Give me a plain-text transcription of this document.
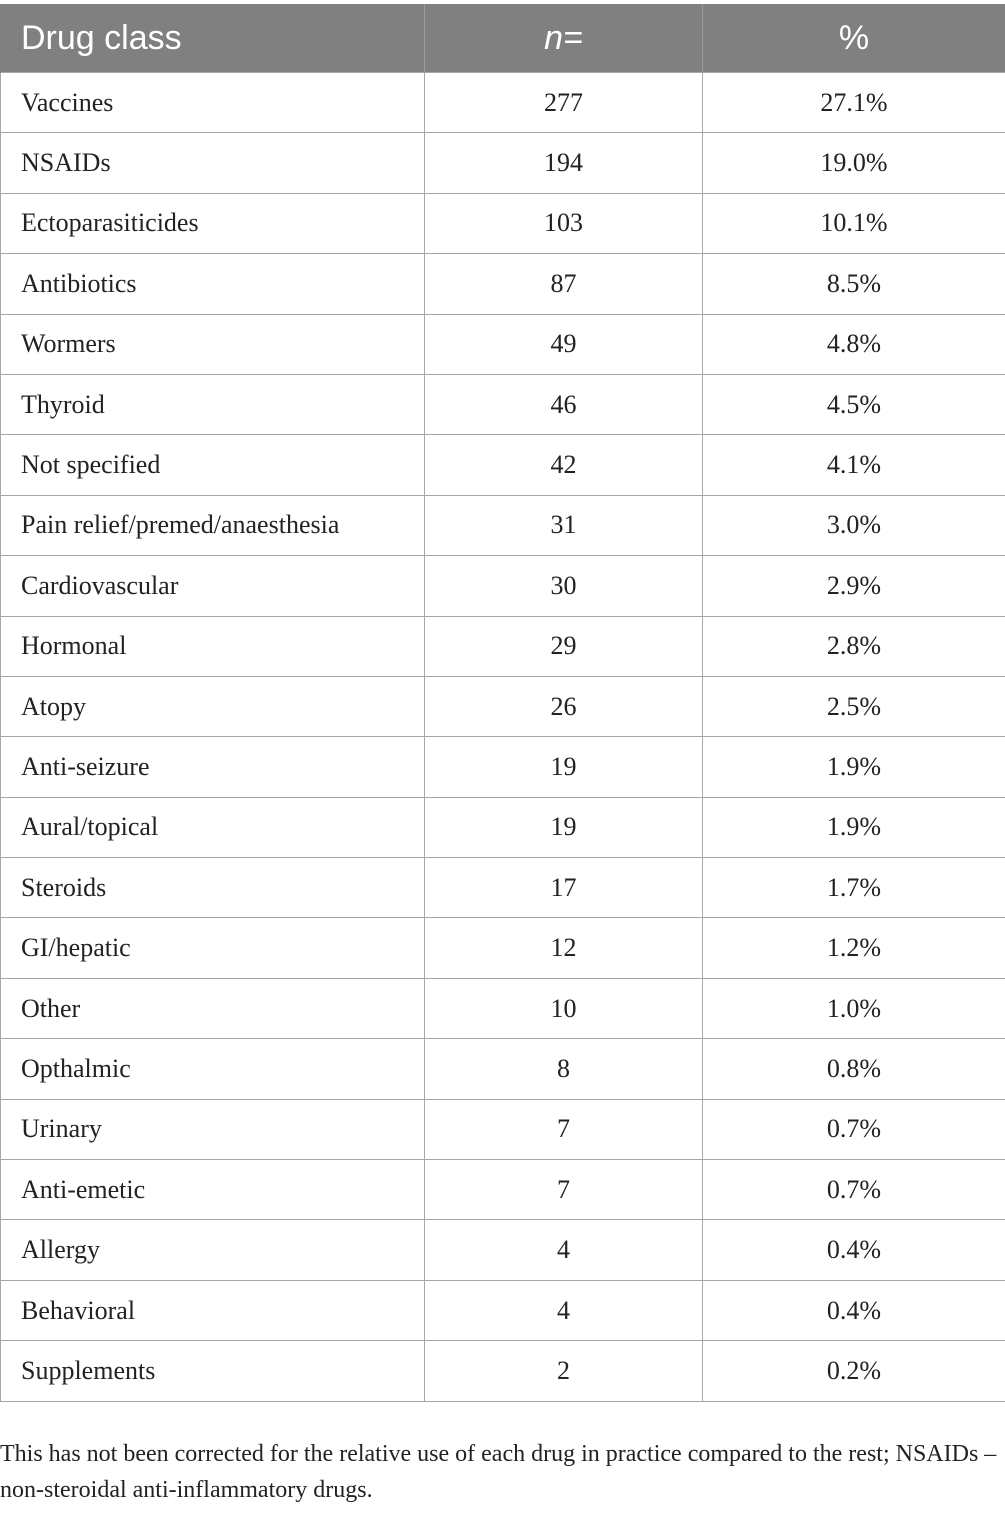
Drug class	n=	%
Vaccines	277	27.1%
NSAIDs	194	19.0%
Ectoparasiticides	103	10.1%
Antibiotics	87	8.5%
Wormers	49	4.8%
Thyroid	46	4.5%
Not specified	42	4.1%
Pain relief/premed/anaesthesia	31	3.0%
Cardiovascular	30	2.9%
Hormonal	29	2.8%
Atopy	26	2.5%
Anti-seizure	19	1.9%
Aural/topical	19	1.9%
Steroids	17	1.7%
GI/hepatic	12	1.2%
Other	10	1.0%
Opthalmic	8	0.8%
Urinary	7	0.7%
Anti-emetic	7	0.7%
Allergy	4	0.4%
Behavioral	4	0.4%
Supplements	2	0.2%

This has not been corrected for the relative use of each drug in practice compared to the rest; NSAIDs – non-steroidal anti-inflammatory drugs.
